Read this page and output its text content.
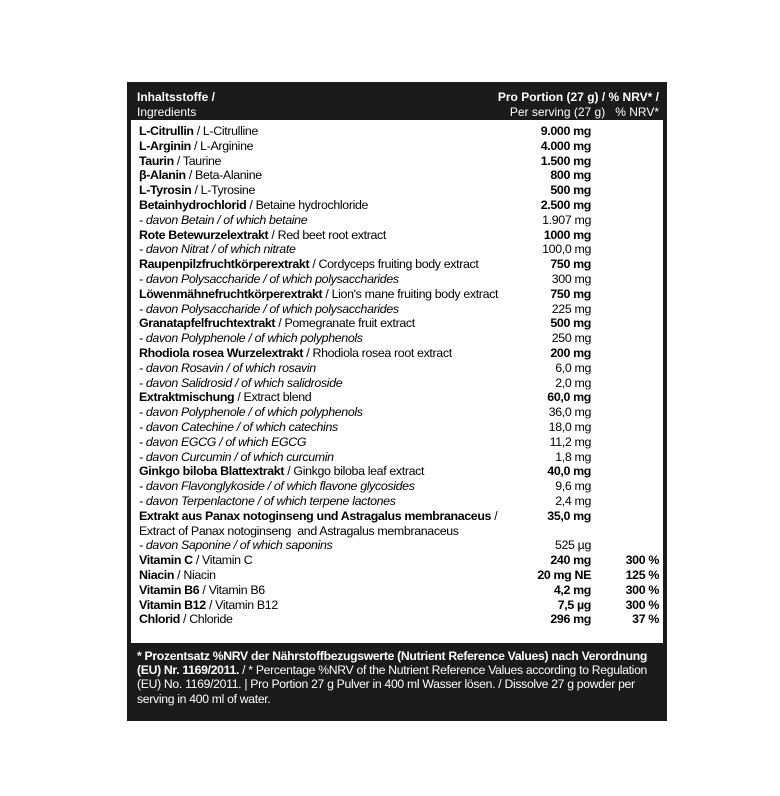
Inhaltsstoffe /
Ingredients
Pro Portion (27 g) / % NRV* /
Per serving (27 g)   % NRV*
L-Citrullin / L-Citrulline	9.000 mg
L-Arginin / L-Arginine	4.000 mg
Taurin / Taurine	1.500 mg
β-Alanin / Beta-Alanine	800 mg
L-Tyrosin / L-Tyrosine	500 mg
Betainhydrochlorid / Betaine hydrochloride	2.500 mg
- davon Betain / of which betaine	1.907 mg
Rote Betewurzelextrakt / Red beet root extract	1000 mg
- davon Nitrat / of which nitrate	100,0 mg
Raupenpilzfruchtkörperextrakt / Cordyceps fruiting body extract	750 mg
- davon Polysaccharide / of which polysaccharides	300 mg
Löwenmähnefruchtkörperextrakt / Lion's mane fruiting body extract	750 mg
- davon Polysaccharide / of which polysaccharides	225 mg
Granatapfelfruchtextrakt / Pomegranate fruit extract	500 mg
- davon Polyphenole / of which polyphenols	250 mg
Rhodiola rosea Wurzelextrakt / Rhodiola rosea root extract	200 mg
- davon Rosavin / of which rosavin	6,0 mg
- davon Salidrosid / of which salidroside	2,0 mg
Extraktmischung / Extract blend	60,0 mg
- davon Polyphenole / of which polyphenols	36,0 mg
- davon Catechine / of which catechins	18,0 mg
- davon EGCG / of which EGCG	11,2 mg
- davon Curcumin / of which curcumin	1,8 mg
Ginkgo biloba Blattextrakt / Ginkgo biloba leaf extract	40,0 mg
- davon Flavonglykoside / of which flavone glycosides	9,6 mg
- davon Terpenlactone / of which terpene lactones	2,4 mg
Extrakt aus Panax notoginseng und Astragalus membranaceus /	35,0 mg
Extract of Panax notoginseng  and Astragalus membranaceus
- davon Saponine / of which saponins	525 µg
Vitamin C / Vitamin C	240 mg	300 %
Niacin / Niacin	20 mg NE	125 %
Vitamin B6 / Vitamin B6	4,2 mg	300 %
Vitamin B12 / Vitamin B12	7,5 µg	300 %
Chlorid / Chloride	296 mg	37 %
* Prozentsatz %NRV der Nährstoffbezugswerte (Nutrient Reference Values) nach Verordnung (EU) Nr. 1169/2011. / * Percentage %NRV of the Nutrient Reference Values according to Regulation (EU) No. 1169/2011. | Pro Portion 27 g Pulver in 400 ml Wasser lösen. / Dissolve 27 g powder per serving in 400 ml of water.
